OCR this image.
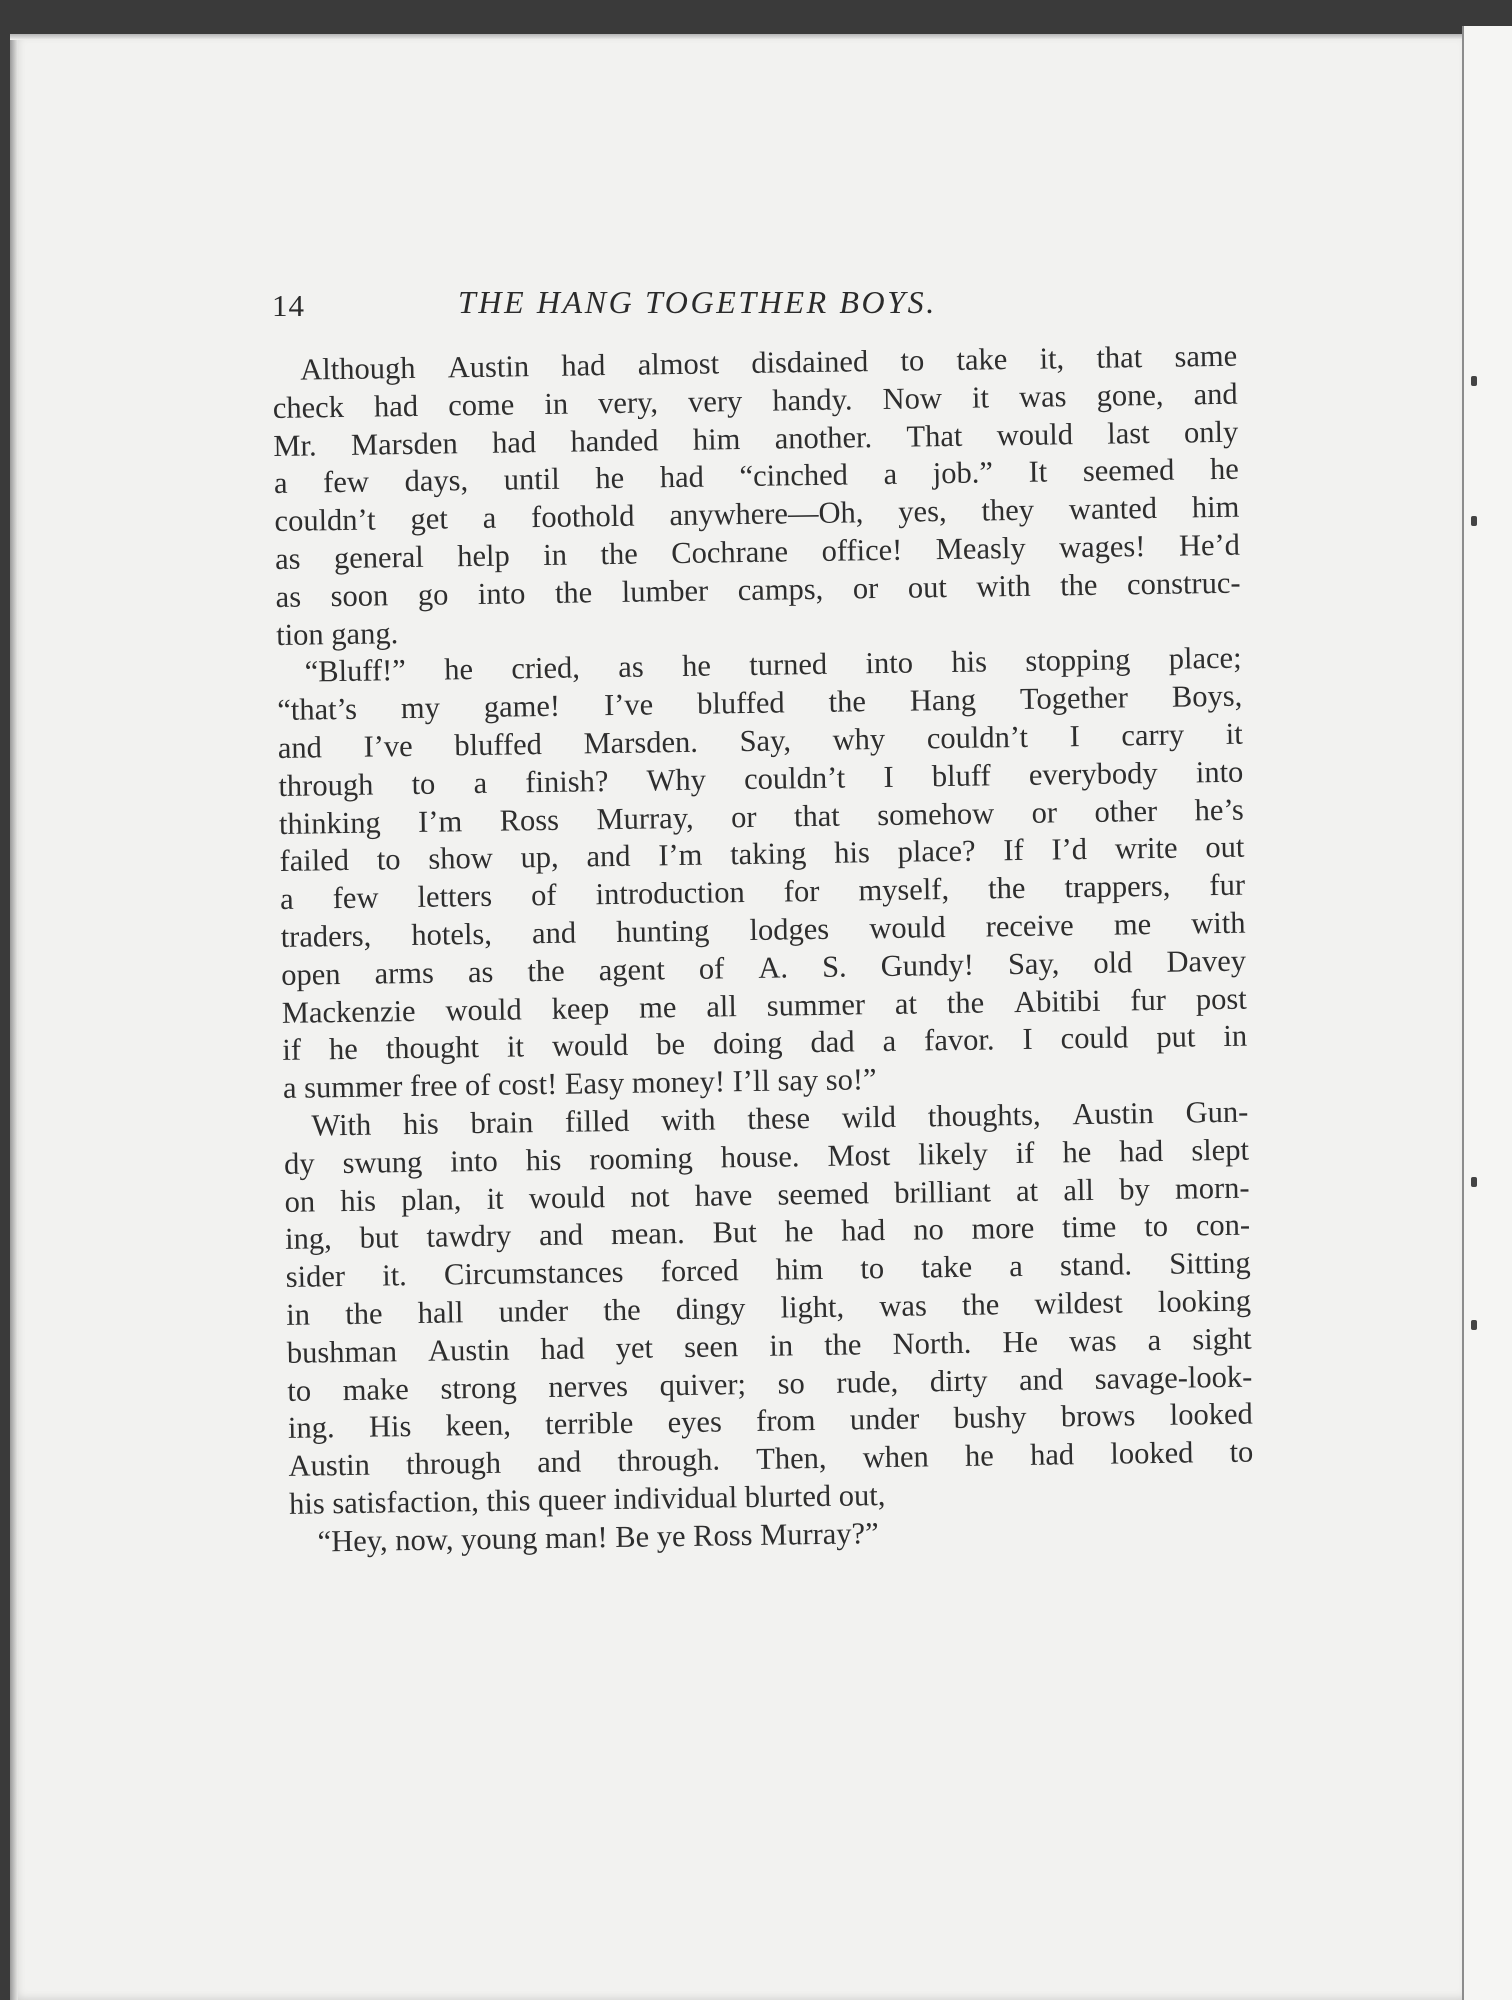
14	THE HANG TOGETHER BOYS.
Although Austin had almost disdained to take it, that same
check had come in very, very handy. Now it was gone, and
Mr. Marsden had handed him another. That would last only
a few days, until he had “cinched a job.” It seemed he
couldn’t get a foothold anywhere—Oh, yes, they wanted him
as general help in the Cochrane office! Measly wages! He’d
as soon go into the lumber camps, or out with the construc-
tion gang.
“Bluff!” he cried, as he turned into his stopping place;
“that’s my game! I’ve bluffed the Hang Together Boys,
and I’ve bluffed Marsden. Say, why couldn’t I carry it
through to a finish? Why couldn’t I bluff everybody into
thinking I’m Ross Murray, or that somehow or other he’s
failed to show up, and I’m taking his place? If I’d write out
a few letters of introduction for myself, the trappers, fur
traders, hotels, and hunting lodges would receive me with
open arms as the agent of A. S. Gundy! Say, old Davey
Mackenzie would keep me all summer at the Abitibi fur post
if he thought it would be doing dad a favor. I could put in
a summer free of cost! Easy money! I’ll say so!”
With his brain filled with these wild thoughts, Austin Gun-
dy swung into his rooming house. Most likely if he had slept
on his plan, it would not have seemed brilliant at all by morn-
ing, but tawdry and mean. But he had no more time to con-
sider it. Circumstances forced him to take a stand. Sitting
in the hall under the dingy light, was the wildest looking
bushman Austin had yet seen in the North. He was a sight
to make strong nerves quiver; so rude, dirty and savage-look-
ing. His keen, terrible eyes from under bushy brows looked
Austin through and through. Then, when he had looked to
his satisfaction, this queer individual blurted out,
“Hey, now, young man! Be ye Ross Murray?”
